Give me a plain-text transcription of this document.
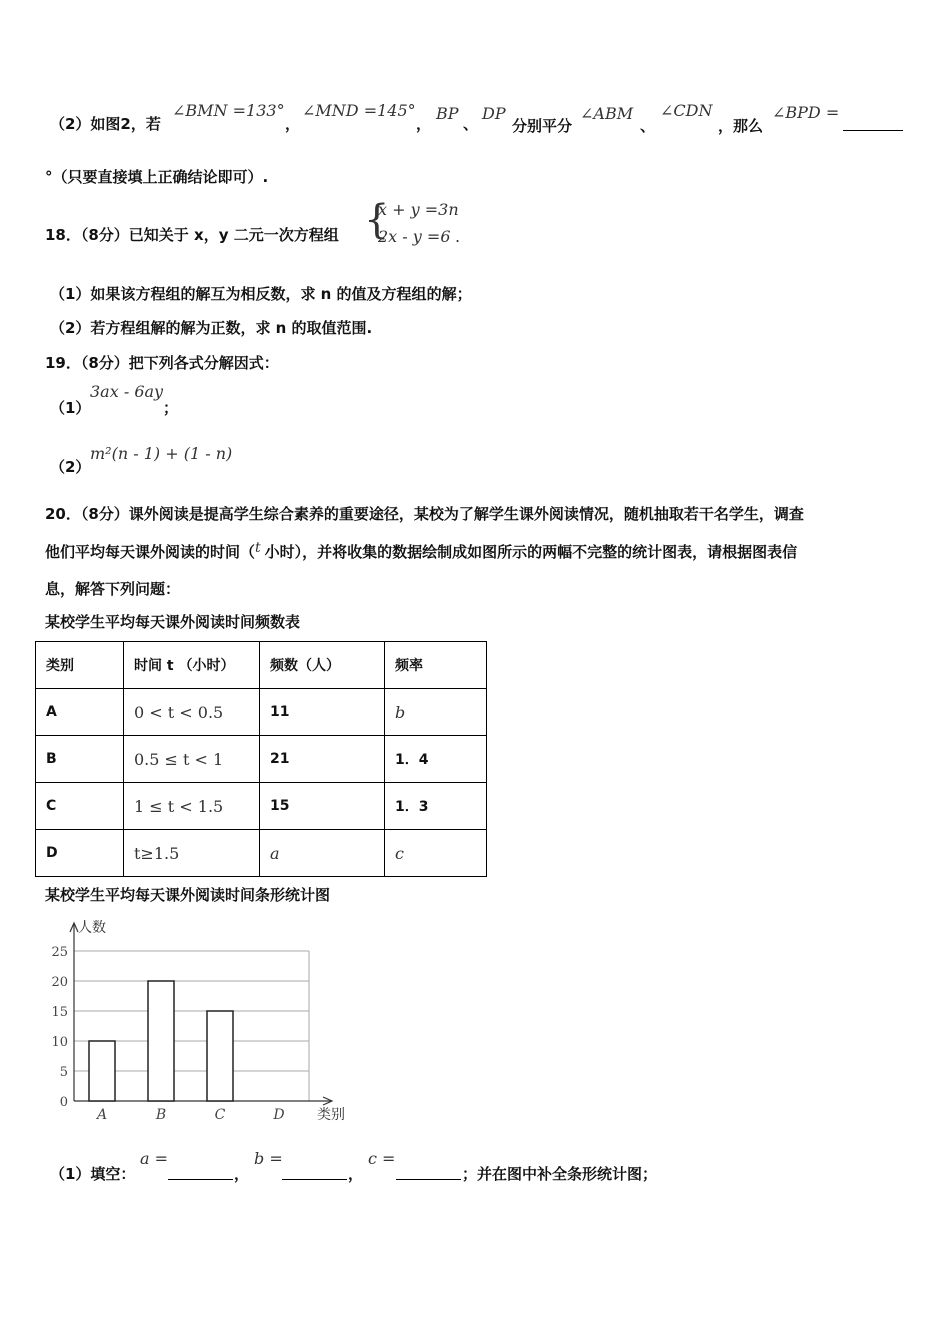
（2）如图2，若
∠BMN =133°
，
∠MND =145°
，
BP
、
DP
分别平分
∠ABM
、
∠CDN
，那么
∠BPD =
°（只要直接填上正确结论即可）.
18．（8分）已知关于 x，y 二元一次方程组 {
x + y =3n
2x - y =6 .
（1）如果该方程组的解互为相反数，求 n 的值及方程组的解；
（2）若方程组解的解为正数，求 n 的取值范围.
19．（8分）把下列各式分解因式：
（1）
3ax - 6ay
；
（2）
m²(n - 1) + (1 - n)
20．（8分）课外阅读是提高学生综合素养的重要途径，某校为了解学生课外阅读情况，随机抽取若干名学生，调查
他们平均每天课外阅读的时间（t 小时），并将收集的数据绘制成如图所示的两幅不完整的统计图表，请根据图表信
息，解答下列问题：
某校学生平均每天课外阅读时间频数表
类别	时间 t （小时）	频数（人）	频率
A	0 < t < 0.5	11	b
B	0.5 ≤ t < 1	21	1．4
C	1 ≤ t < 1.5	15	1．3
D	t≥1.5	a	c
某校学生平均每天课外阅读时间条形统计图
0
5
10
15
20
25
人数
类别
A	B	C	D
（1）填空：
a =
，
b =
，
c =
；并在图中补全条形统计图；
